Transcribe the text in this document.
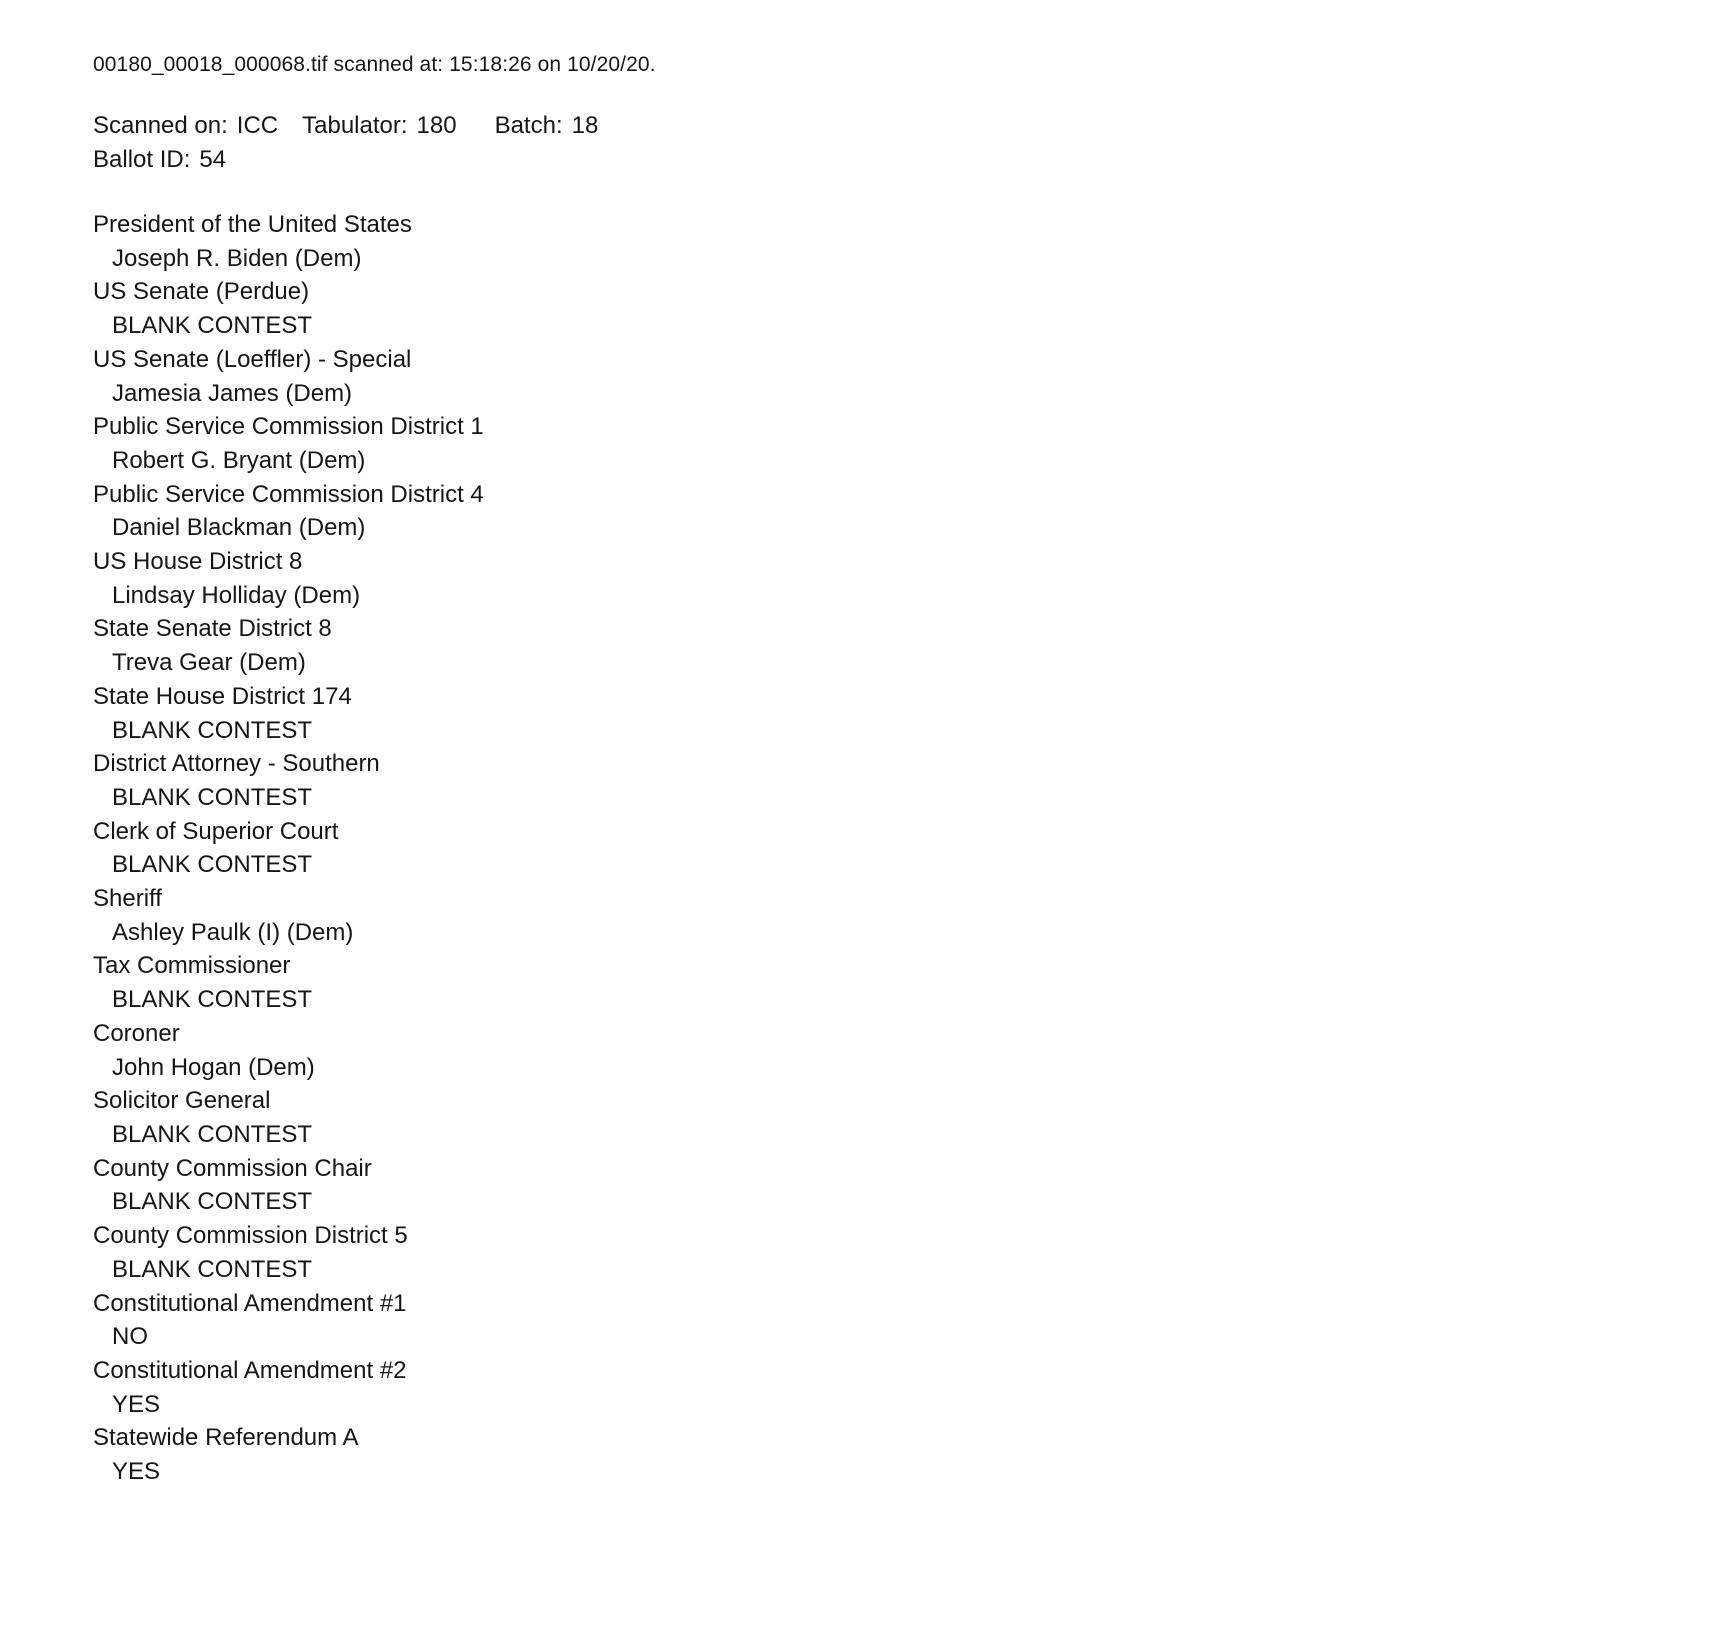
00180_00018_000068.tif scanned at: 15:18:26 on 10/20/20.
Scanned on: ICC Tabulator: 180 Batch: 18
Ballot ID: 54
President of the United States
Joseph R. Biden (Dem)
US Senate (Perdue)
BLANK CONTEST
US Senate (Loeffler) - Special
Jamesia James (Dem)
Public Service Commission District 1
Robert G. Bryant (Dem)
Public Service Commission District 4
Daniel Blackman (Dem)
US House District 8
Lindsay Holliday (Dem)
State Senate District 8
Treva Gear (Dem)
State House District 174
BLANK CONTEST
District Attorney - Southern
BLANK CONTEST
Clerk of Superior Court
BLANK CONTEST
Sheriff
Ashley Paulk (I) (Dem)
Tax Commissioner
BLANK CONTEST
Coroner
John Hogan (Dem)
Solicitor General
BLANK CONTEST
County Commission Chair
BLANK CONTEST
County Commission District 5
BLANK CONTEST
Constitutional Amendment #1
NO
Constitutional Amendment #2
YES
Statewide Referendum A
YES
